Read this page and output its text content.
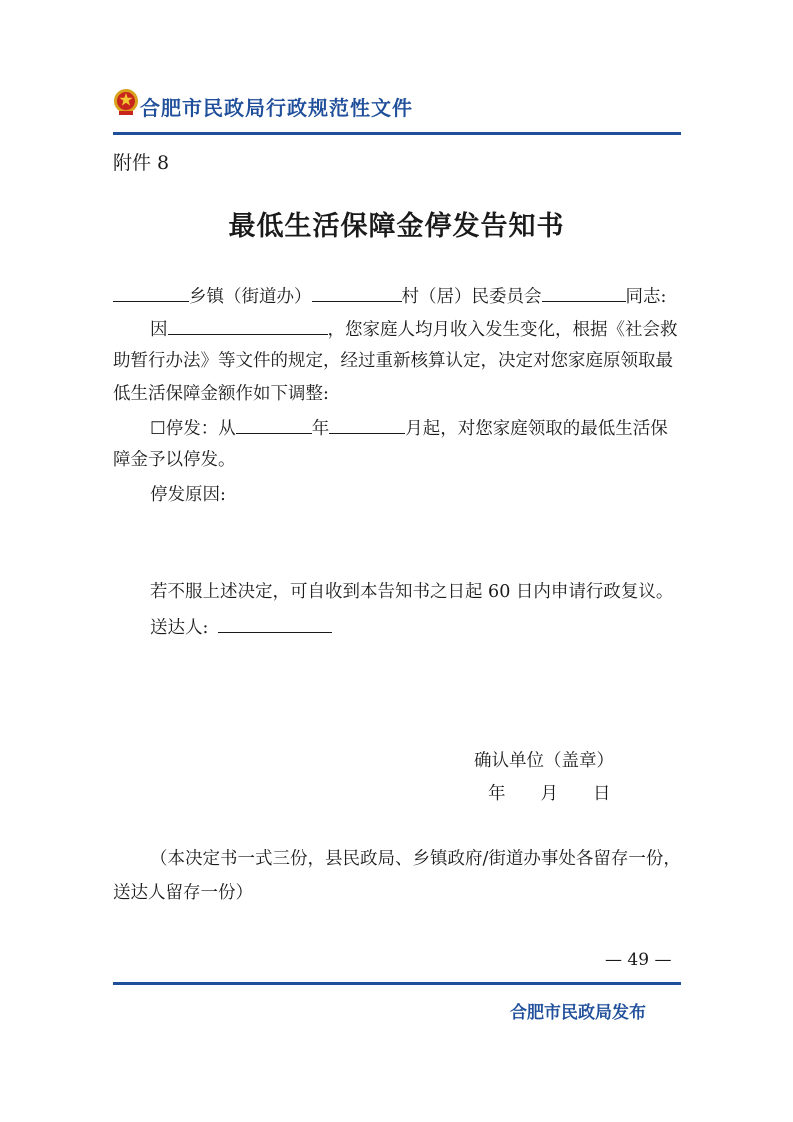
合肥市民政局行政规范性文件
附件 8
最低生活保障金停发告知书
乡镇（街道办）	村（居）民委员会	同志:
因	，您家庭人均月收入发生变化，根据《社会救
助暂行办法》等文件的规定，经过重新核算认定，决定对您家庭原领取最
低生活保障金额作如下调整:
☐停发：从	年	月起，对您家庭领取的最低生活保
障金予以停发。
停发原因:
若不服上述决定，可自收到本告知书之日起 60 日内申请行政复议。
送达人:
确认单位（盖章）
年　　月　　日
（本决定书一式三份，县民政局、乡镇政府/街道办事处各留存一份，
送达人留存一份）
— 49 —
合肥市民政局发布
